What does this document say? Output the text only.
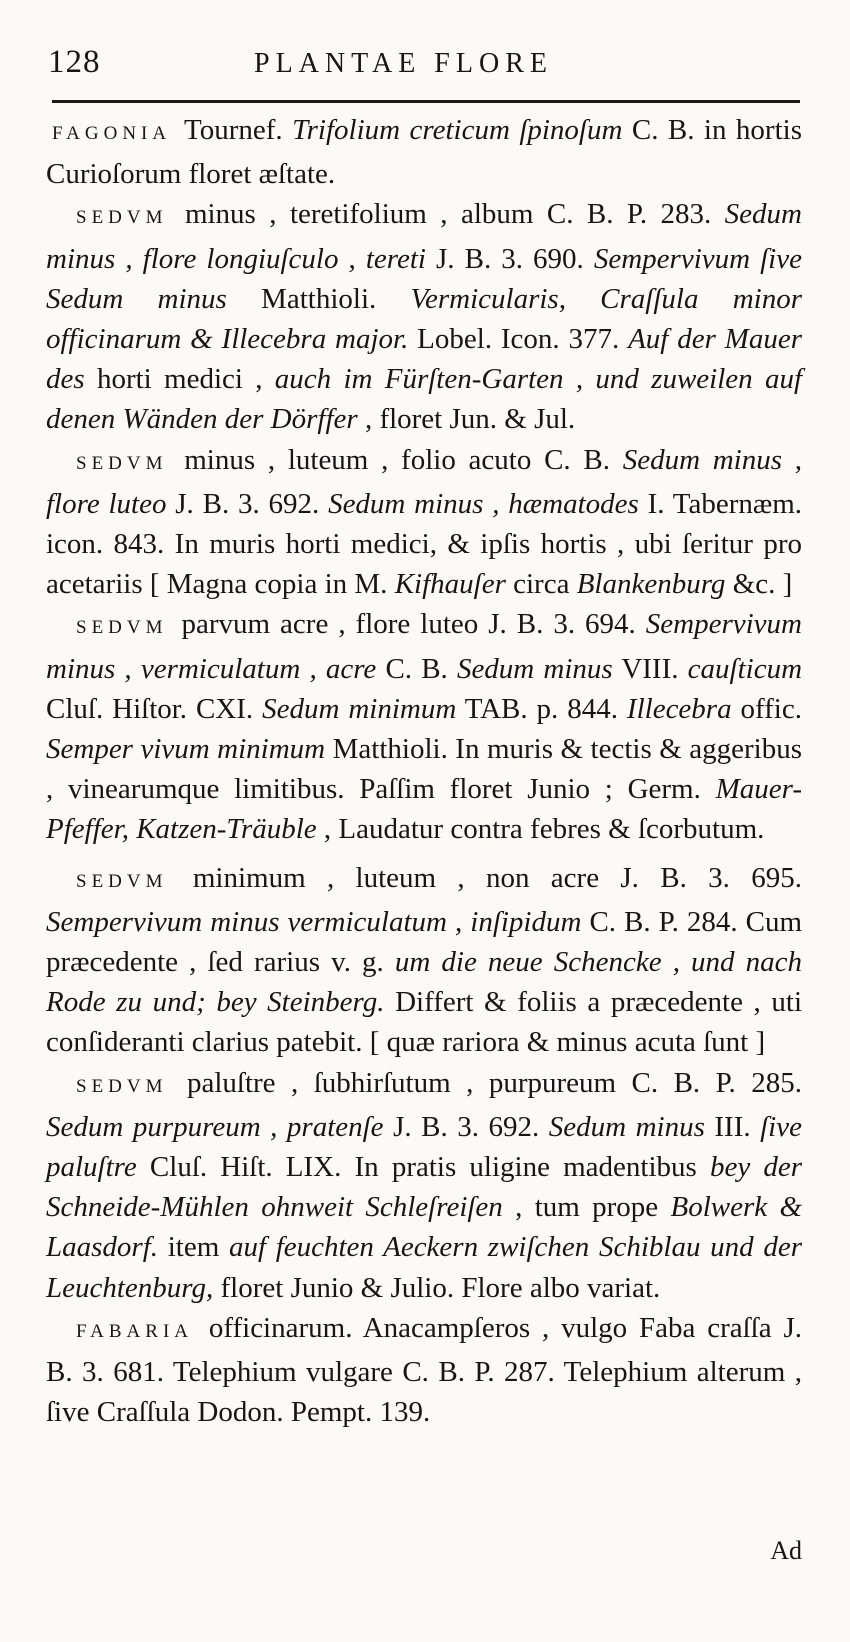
128	PLANTAE FLORE

FAGONIA Tournef. Trifolium creticum ſpinoſum C. B. in hortis Curioſorum floret æſtate.

SEDVM minus , teretifolium , album C. B. P. 283. Sedum minus , flore longiuſculo , tereti J. B. 3. 690. Sempervivum ſive Sedum minus Matthioli. Vermicularis, Craſſula minor officinarum & Illecebra major. Lobel. Icon. 377. Auf der Mauer des horti medici , auch im Fürſten-Garten , und zuweilen auf denen Wänden der Dörffer , floret Jun. & Jul.

SEDVM minus , luteum , folio acuto C. B. Sedum minus , flore luteo J. B. 3. 692. Sedum minus , hæmatodes I. Tabernæm. icon. 843. In muris horti medici, & ipſis hortis , ubi ſeritur pro acetariis [ Magna copia in M. Kifhauſer circa Blankenburg &c. ]

SEDVM parvum acre , flore luteo J. B. 3. 694. Sempervivum minus , vermiculatum , acre C. B. Sedum minus VIII. cauſticum Cluſ. Hiſtor. CXI. Sedum minimum TAB. p. 844. Illecebra offic. Semper vivum minimum Matthioli. In muris & tectis & aggeribus , vinearumque limitibus. Paſſim floret Junio ; Germ. Mauer-Pfeffer, Katzen-Träuble , Laudatur contra febres & ſcorbutum.

SEDVM minimum , luteum , non acre J. B. 3. 695. Sempervivum minus vermiculatum , inſipidum C. B. P. 284. Cum præcedente , ſed rarius v. g. um die neue Schencke , und nach Rode zu und; bey Steinberg. Differt & foliis a præcedente , uti conſideranti clarius patebit. [ quæ rariora & minus acuta ſunt ]

SEDVM paluſtre , ſubhirſutum , purpureum C. B. P. 285. Sedum purpureum , pratenſe J. B. 3. 692. Sedum minus III. ſive paluſtre Cluſ. Hiſt. LIX. In pratis uligine madentibus bey der Schneide-Mühlen ohnweit Schleſreiſen , tum prope Bolwerk & Laasdorf. item auf feuchten Aeckern zwiſchen Schiblau und der Leuchtenburg, floret Junio & Julio. Flore albo variat.

FABARIA officinarum. Anacampſeros , vulgo Faba craſſa J. B. 3. 681. Telephium vulgare C. B. P. 287. Telephium alterum , ſive Craſſula Dodon. Pempt. 139.

Ad
